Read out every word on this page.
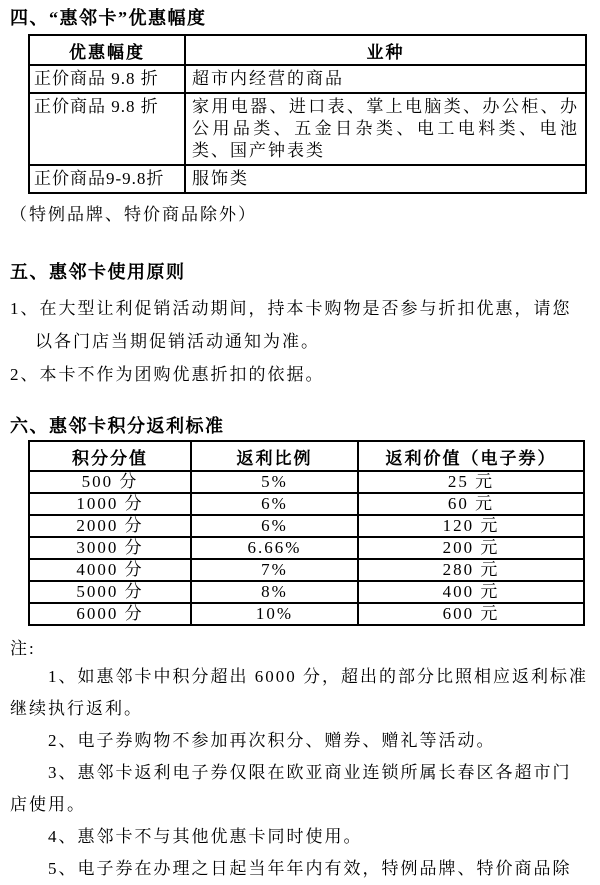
四、“惠邻卡”优惠幅度
优惠幅度	业种
正价商品 9.8 折	超市内经营的商品
正价商品 9.8 折	家用电器、进口表、掌上电脑类、办公柜、办公用品类、五金日杂类、电工电料类、电池类、国产钟表类
正价商品9-9.8折	服饰类
（特例品牌、特价商品除外）
五、惠邻卡使用原则
1、在大型让利促销活动期间，持本卡购物是否参与折扣优惠，请您
以各门店当期促销活动通知为准。
2、本卡不作为团购优惠折扣的依据。
六、惠邻卡积分返利标准
积分分值	返利比例	返利价值（电子券）
500 分	5%	25 元
1000 分	6%	60 元
2000 分	6%	120 元
3000 分	6.66%	200 元
4000 分	7%	280 元
5000 分	8%	400 元
6000 分	10%	600 元
注:
1、如惠邻卡中积分超出 6000 分，超出的部分比照相应返利标准
继续执行返利。
2、电子券购物不参加再次积分、赠券、赠礼等活动。
3、惠邻卡返利电子券仅限在欧亚商业连锁所属长春区各超市门
店使用。
4、惠邻卡不与其他优惠卡同时使用。
5、电子券在办理之日起当年年内有效，特例品牌、特价商品除
